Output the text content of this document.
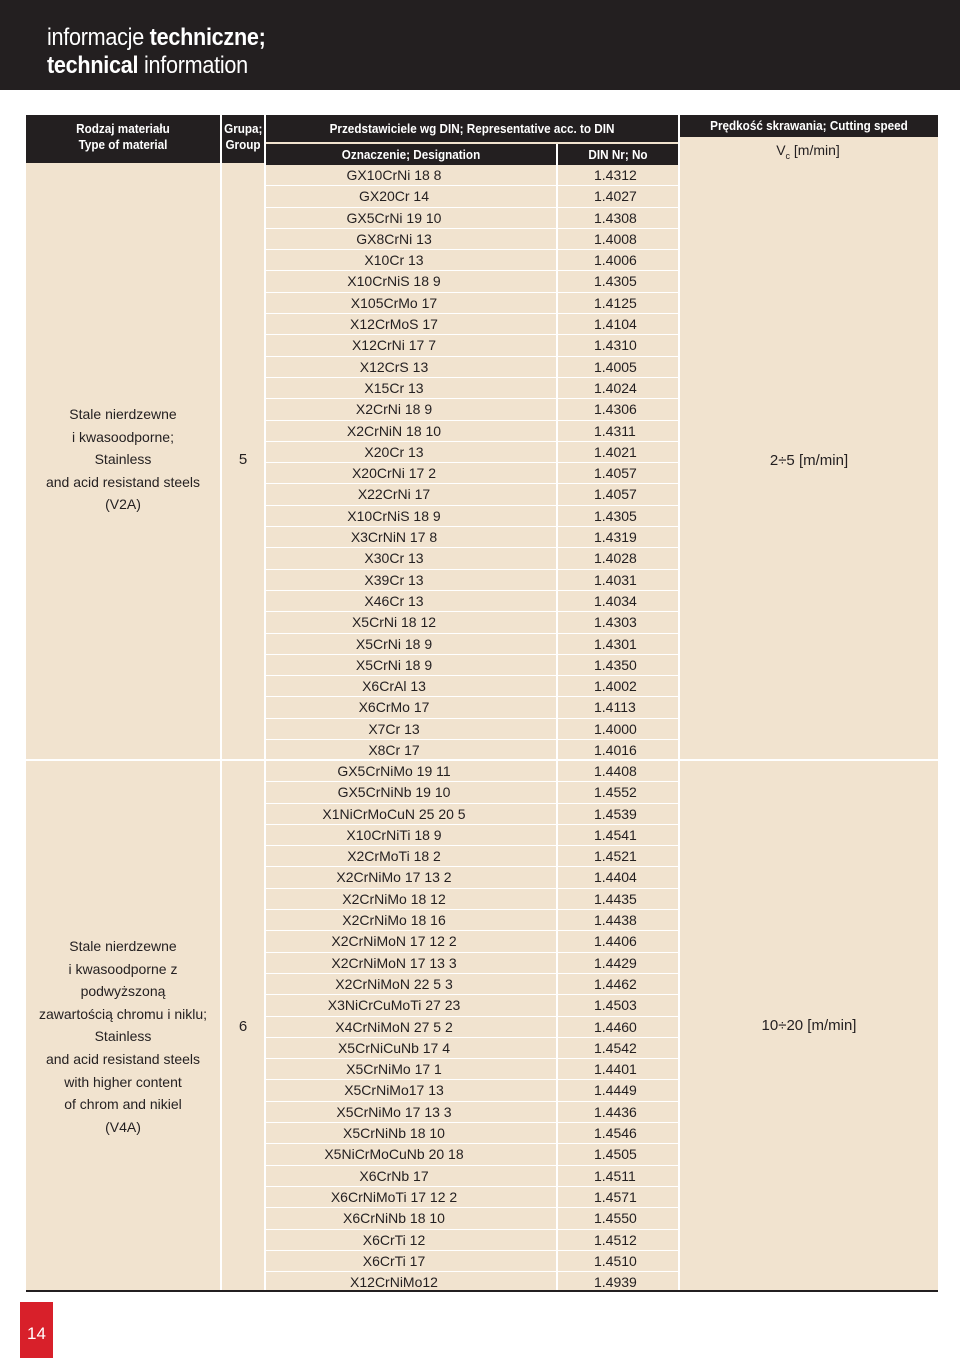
informacje techniczne;
technical information
Rodzaj materiału
Type of material
Grupa;
Group
Przedstawiciele wg DIN; Representative acc. to DIN
Oznaczenie; Designation	DIN Nr; No
Prędkość skrawania; Cutting speed
$V_c$ [m/min]
GX10CrNi 18 8	1.4312
GX20Cr 14	1.4027
GX5CrNi 19 10	1.4308
GX8CrNi 13	1.4008
X10Cr 13	1.4006
X10CrNiS 18 9	1.4305
X105CrMo 17	1.4125
X12CrMoS 17	1.4104
X12CrNi 17 7	1.4310
X12CrS 13	1.4005
X15Cr 13	1.4024
X2CrNi 18 9	1.4306
X2CrNiN 18 10	1.4311
X20Cr 13	1.4021
X20CrNi 17 2	1.4057
X22CrNi 17	1.4057
X10CrNiS 18 9	1.4305
X3CrNiN 17 8	1.4319
X30Cr 13	1.4028
X39Cr 13	1.4031
X46Cr 13	1.4034
X5CrNi 18 12	1.4303
X5CrNi 18 9	1.4301
X5CrNi 18 9	1.4350
X6CrAl 13	1.4002
X6CrMo 17	1.4113
X7Cr 13	1.4000
X8Cr 17	1.4016
Stale nierdzewne
i kwasoodporne;
Stainless
and acid resistand steels
(V2A)
5	2÷5 [m/min]
GX5CrNiMo 19 11	1.4408
GX5CrNiNb 19 10	1.4552
X1NiCrMoCuN 25 20 5	1.4539
X10CrNiTi 18 9	1.4541
X2CrMoTi 18 2	1.4521
X2CrNiMo 17 13 2	1.4404
X2CrNiMo 18 12	1.4435
X2CrNiMo 18 16	1.4438
X2CrNiMoN 17 12 2	1.4406
X2CrNiMoN 17 13 3	1.4429
X2CrNiMoN 22 5 3	1.4462
X3NiCrCuMoTi 27 23	1.4503
X4CrNiMoN 27 5 2	1.4460
X5CrNiCuNb 17 4	1.4542
X5CrNiMo 17 1	1.4401
X5CrNiMo17 13	1.4449
X5CrNiMo 17 13 3	1.4436
X5CrNiNb 18 10	1.4546
X5NiCrMoCuNb 20 18	1.4505
X6CrNb 17	1.4511
X6CrNiMoTi 17 12 2	1.4571
X6CrNiNb 18 10	1.4550
X6CrTi 12	1.4512
X6CrTi 17	1.4510
X12CrNiMo12	1.4939
Stale nierdzewne
i kwasoodporne z podwyższoną
zawartością chromu i niklu;
Stainless
and acid resistand steels
with higher content
of chrom and nikiel
(V4A)
6	10÷20 [m/min]
14
